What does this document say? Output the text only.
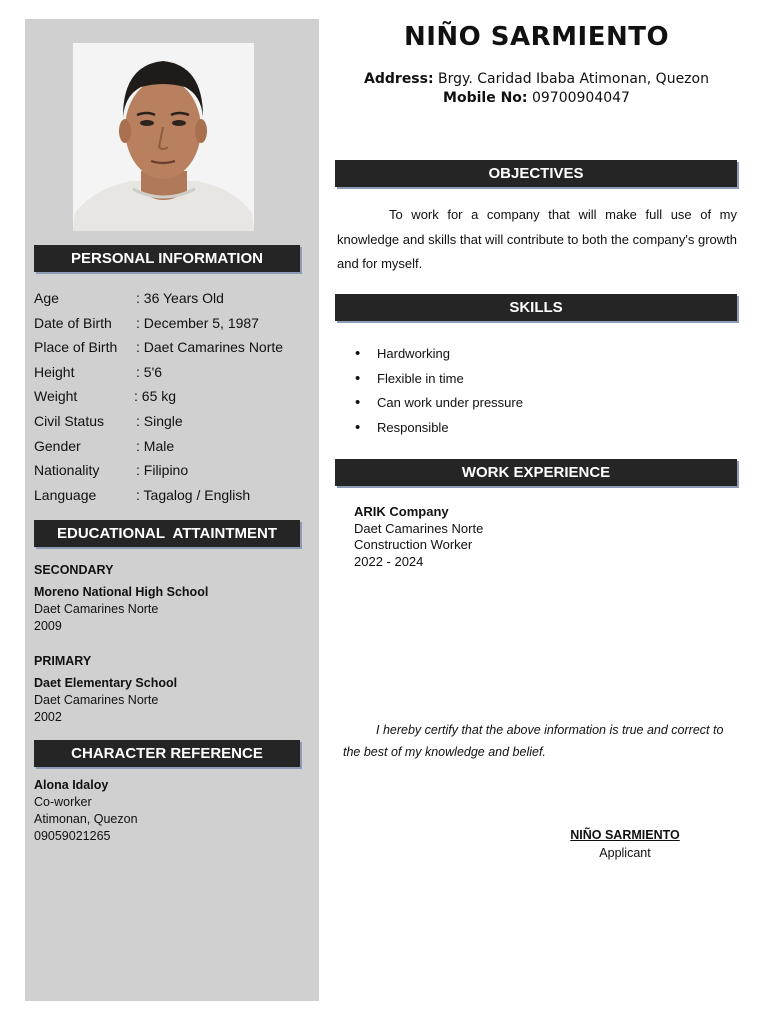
PERSONAL INFORMATION
Age	: 36 Years Old
Date of Birth : December 5, 1987
Place of Birth : Daet Camarines Norte
Height	: 5'6
Weight	: 65 kg
Civil Status : Single
Gender	: Male
Nationality	: Filipino
Language	: Tagalog / English
EDUCATIONAL  ATTAINTMENT
SECONDARY
Moreno National High School
Daet Camarines Norte
2009
PRIMARY
Daet Elementary School
Daet Camarines Norte
2002
CHARACTER REFERENCE
Alona Idaloy
Co-worker
Atimonan, Quezon
09059021265
NIÑO SARMIENTO
Address: Brgy. Caridad Ibaba Atimonan, Quezon
Mobile No: 09700904047
OBJECTIVES
To work for a company that will make full use of my knowledge and skills that will contribute to both the company's growth and for myself.
SKILLS
• Hardworking
• Flexible in time
• Can work under pressure
• Responsible
WORK EXPERIENCE
ARIK Company
Daet Camarines Norte
Construction Worker
2022 - 2024
I hereby certify that the above information is true and correct to the best of my knowledge and belief.
NIÑO SARMIENTO
Applicant
